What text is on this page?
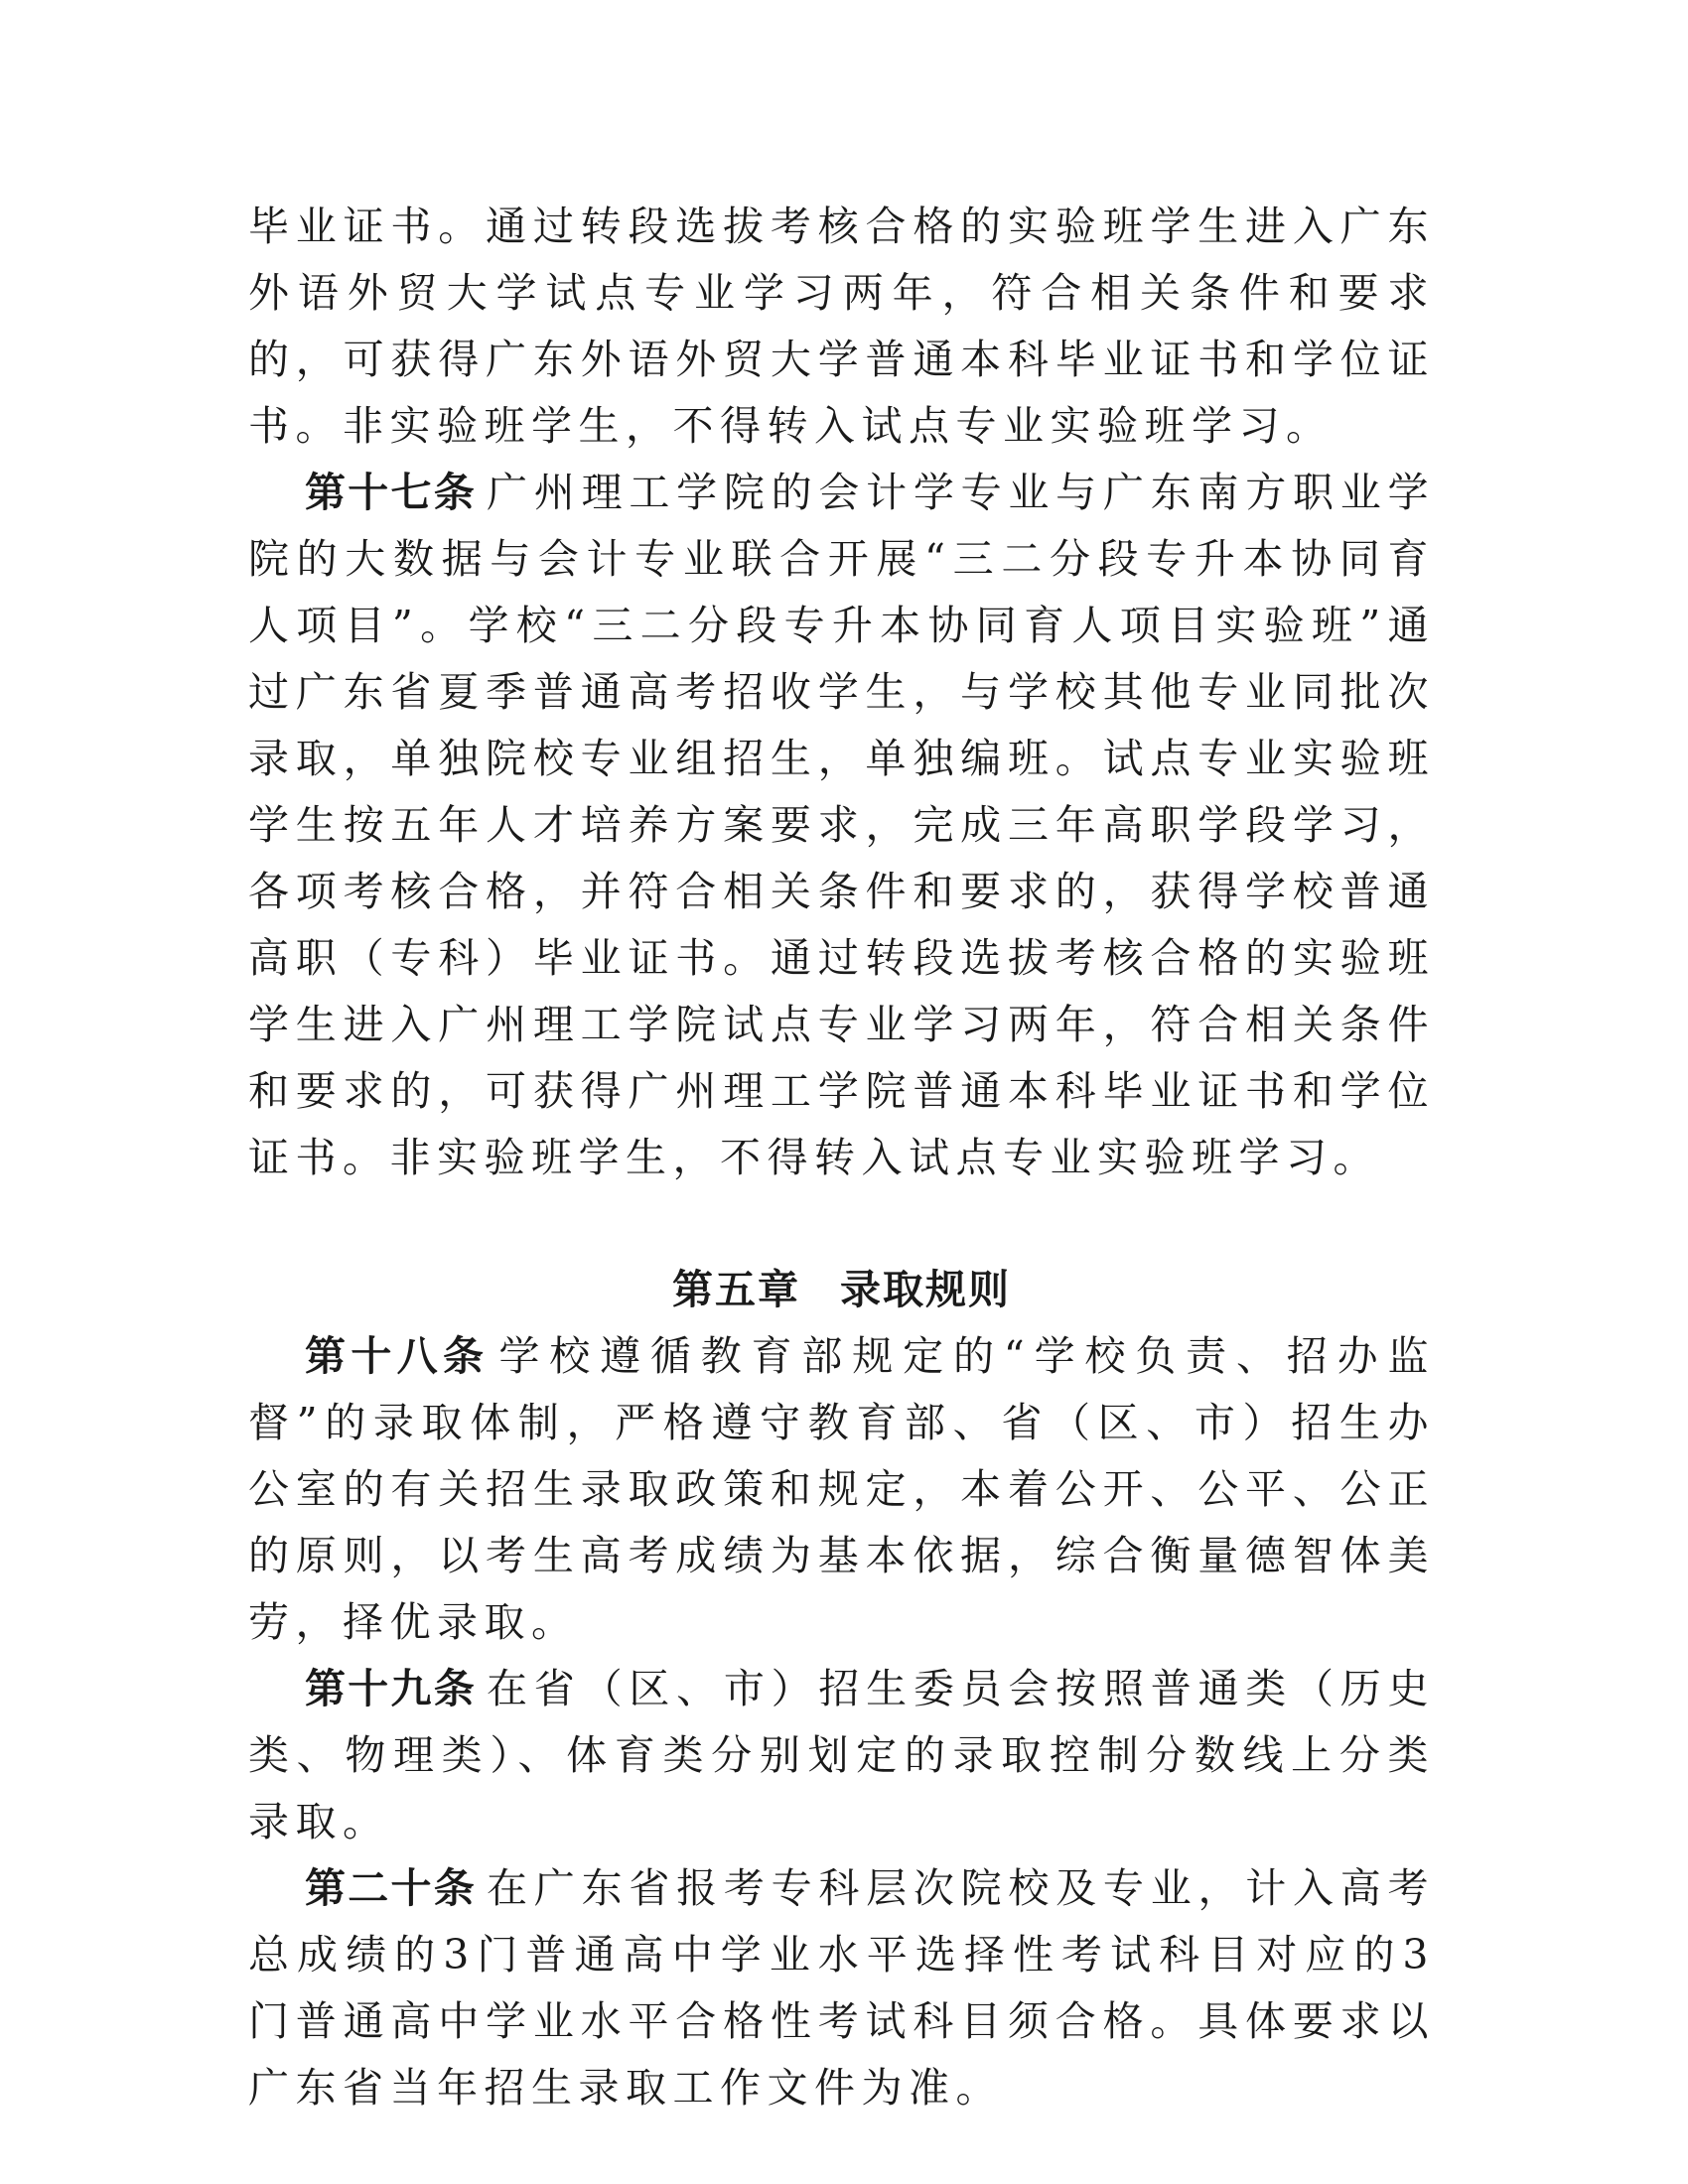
毕业证书。通过转段选拔考核合格的实验班学生进入广东外语外贸大学试点专业学习两年，符合相关条件和要求的，可获得广东外语外贸大学普通本科毕业证书和学位证书。非实验班学生，不得转入试点专业实验班学习。

第十七条 广州理工学院的会计学专业与广东南方职业学院的大数据与会计专业联合开展“三二分段专升本协同育人项目”。学校“三二分段专升本协同育人项目实验班”通过广东省夏季普通高考招收学生，与学校其他专业同批次录取，单独院校专业组招生，单独编班。试点专业实验班学生按五年人才培养方案要求，完成三年高职学段学习，各项考核合格，并符合相关条件和要求的，获得学校普通高职（专科）毕业证书。通过转段选拔考核合格的实验班学生进入广州理工学院试点专业学习两年，符合相关条件和要求的，可获得广州理工学院普通本科毕业证书和学位证书。非实验班学生，不得转入试点专业实验班学习。

第五章 录取规则

第十八条 学校遵循教育部规定的“学校负责、招办监督”的录取体制，严格遵守教育部、省（区、市）招生办公室的有关招生录取政策和规定，本着公开、公平、公正的原则，以考生高考成绩为基本依据，综合衡量德智体美劳，择优录取。

第十九条 在省（区、市）招生委员会按照普通类（历史类、物理类）、体育类分别划定的录取控制分数线上分类录取。

第二十条 在广东省报考专科层次院校及专业，计入高考总成绩的3门普通高中学业水平选择性考试科目对应的3门普通高中学业水平合格性考试科目须合格。具体要求以广东省当年招生录取工作文件为准。
